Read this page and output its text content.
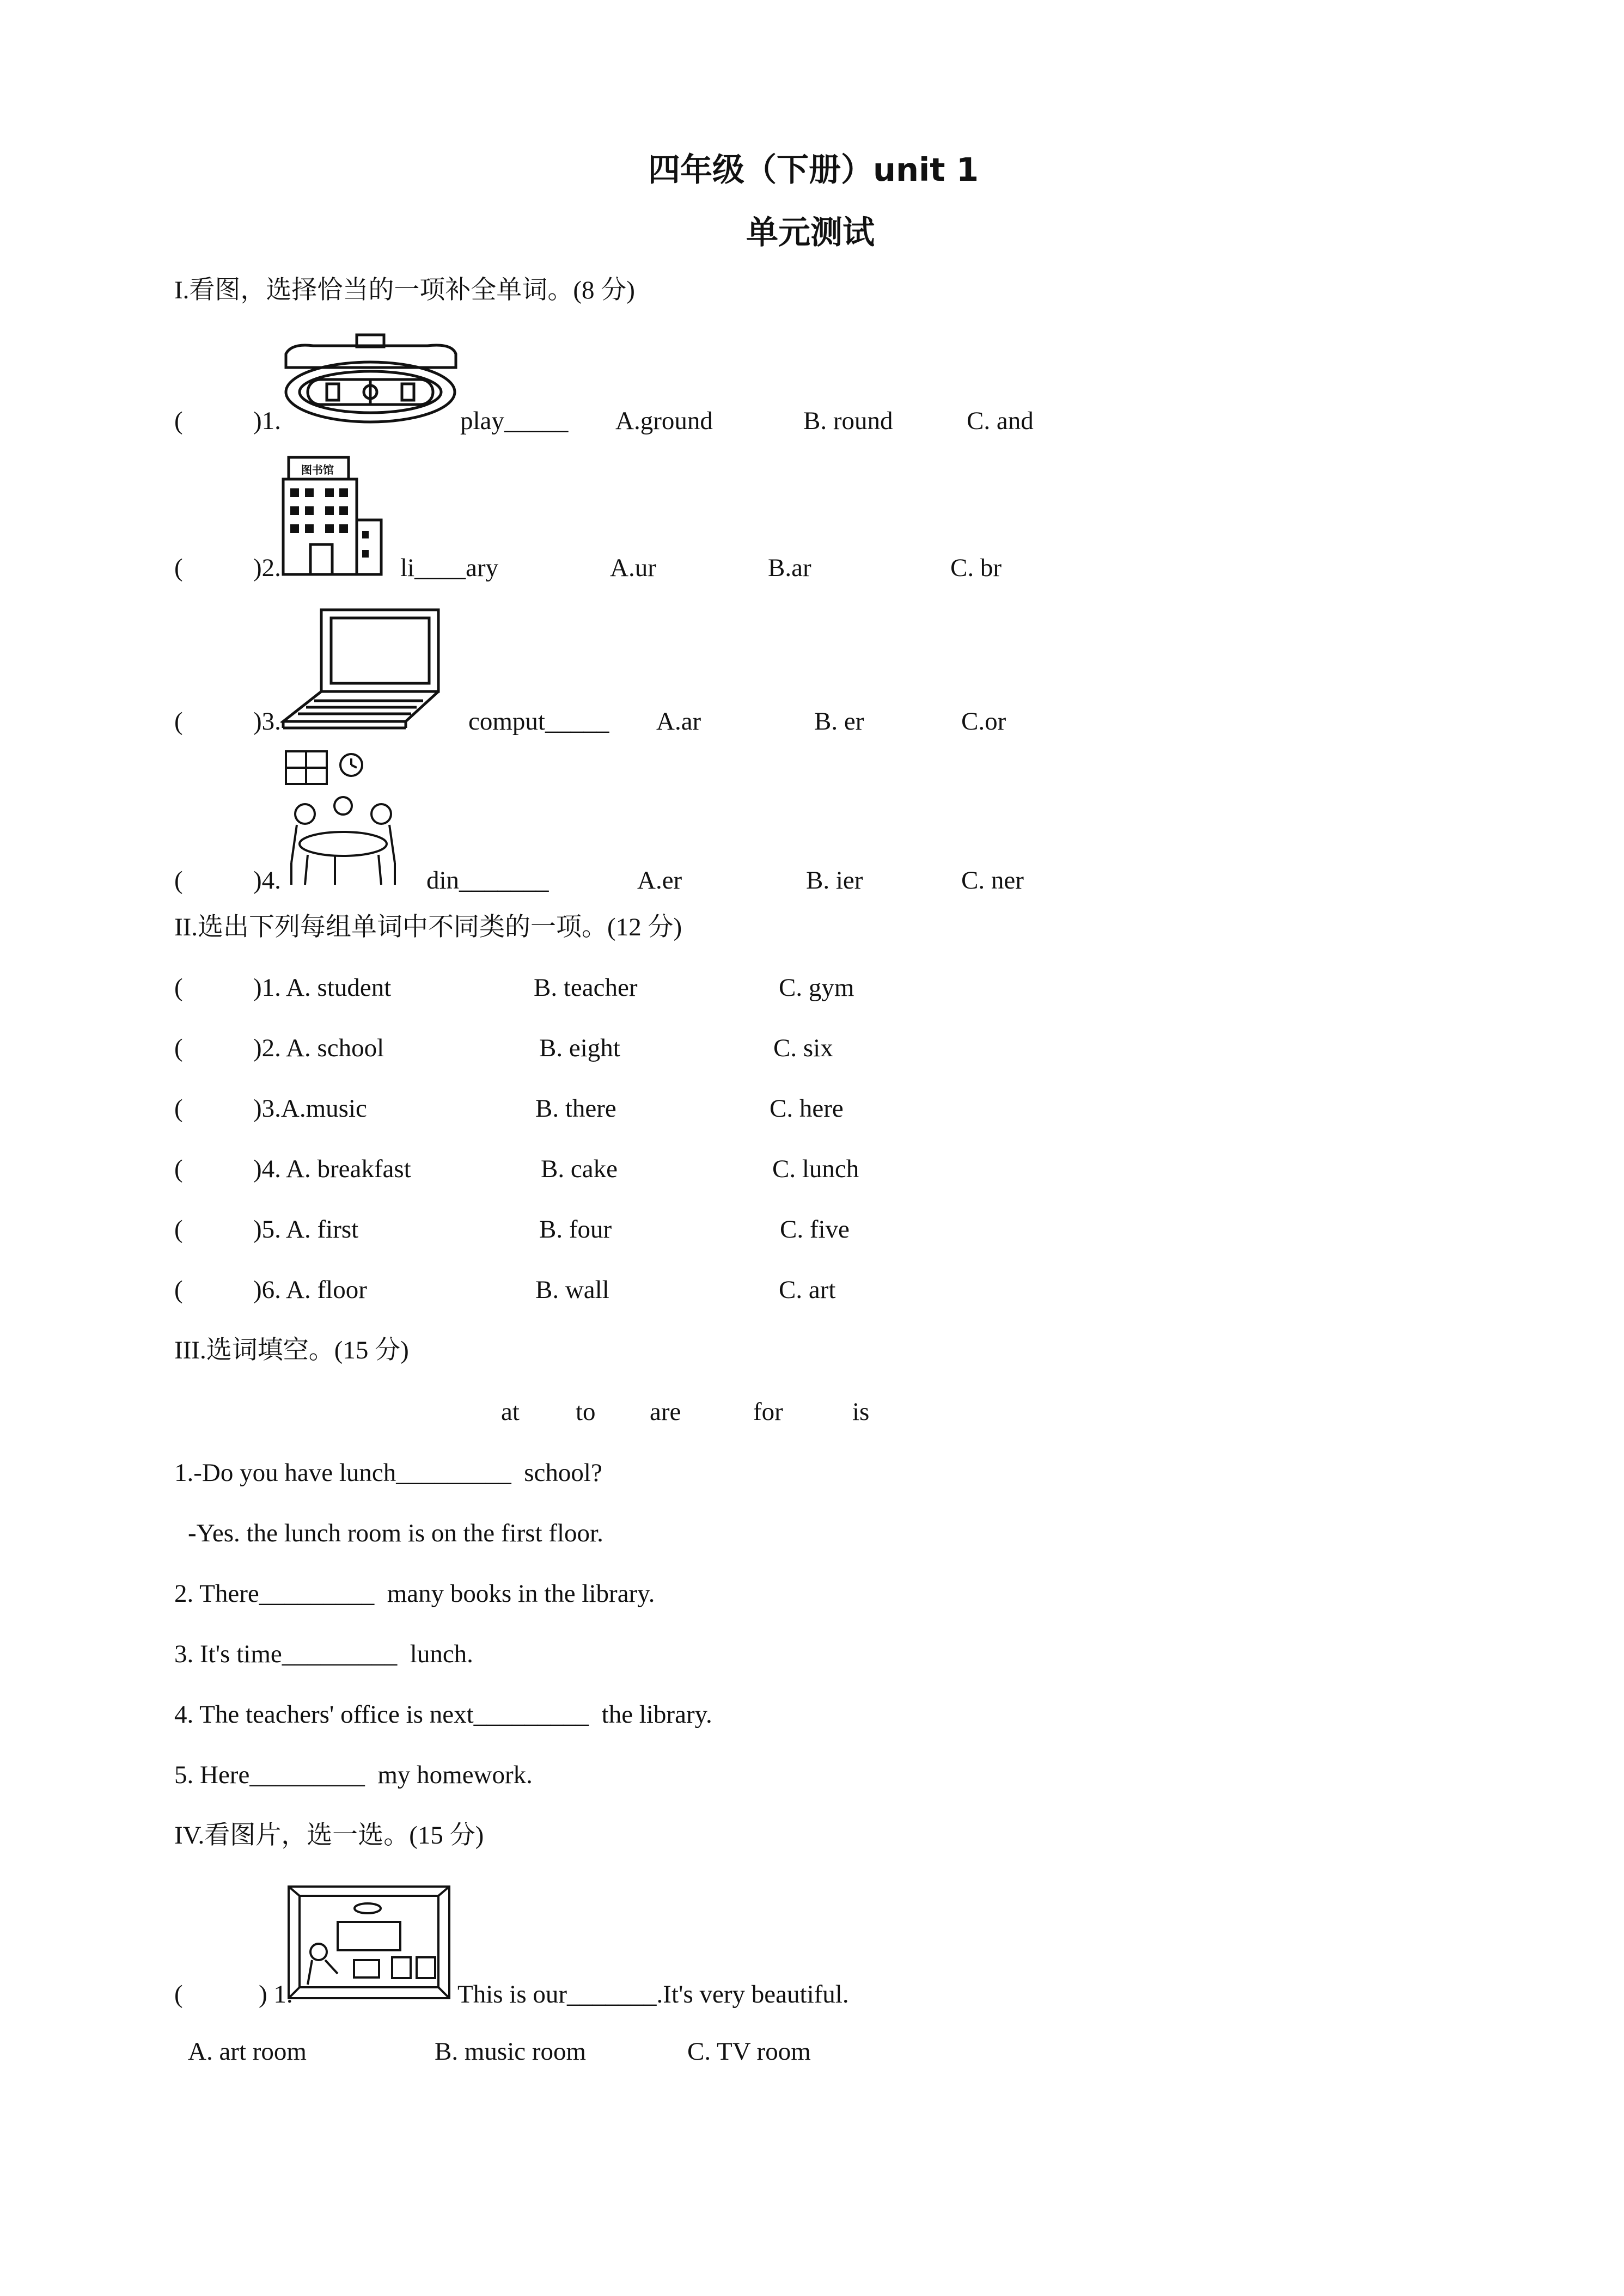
四年级（下册）unit 1
单元测试
I.看图，选择恰当的一项补全单词。(8 分)
(	)1.	play_____ A.ground	B. round	C. and
图书馆
(	)2.	li____ary	A.ur	B.ar	C. br
(	)3.	comput_____ A.ar	B. er	C.or
(	)4.	din_______	A.er	B. ier	C. ner
II.选出下列每组单词中不同类的一项。(12 分)
(	)1. A. student	B. teacher	C. gym
(	)2. A. school	B. eight	C. six
(	)3.A.music	B. there	C. here
(	)4. A. breakfast	B. cake	C. lunch
(	)5. A. first	B. four	C. five
(	)6. A. floor	B. wall	C. art
III.选词填空。(15 分)
at to are	for	is
1.-Do you have lunch_________ school?
-Yes. the lunch room is on the first floor.
2. There_________ many books in the library.
3. It's time_________ lunch.
4. The teachers' office is next_________ the library.
5. Here_________ my homework.
IV.看图片，选一选。(15 分)
(	) 1.	This is our_______.It's very beautiful.
A. art room	B. music room	C. TV room
